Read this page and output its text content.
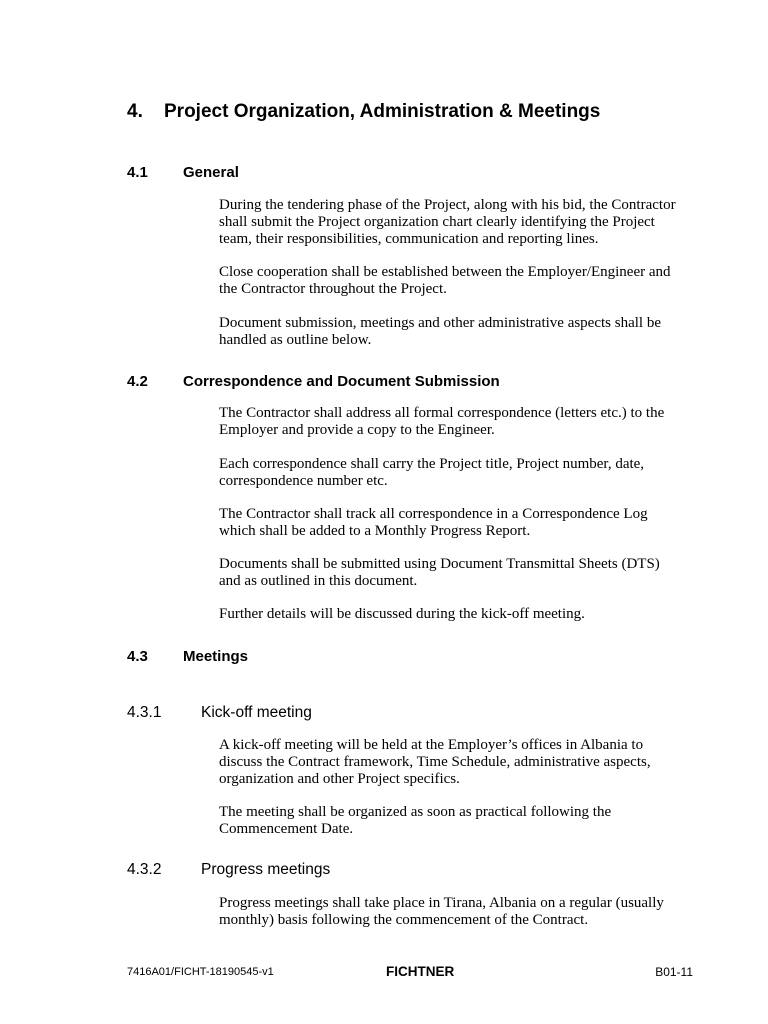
4. Project Organization, Administration & Meetings
4.1 General
During the tendering phase of the Project, along with his bid, the Contractor
shall submit the Project organization chart clearly identifying the Project
team, their responsibilities, communication and reporting lines.
Close cooperation shall be established between the Employer/Engineer and
the Contractor throughout the Project.
Document submission, meetings and other administrative aspects shall be
handled as outline below.
4.2 Correspondence and Document Submission
The Contractor shall address all formal correspondence (letters etc.) to the
Employer and provide a copy to the Engineer.
Each correspondence shall carry the Project title, Project number, date,
correspondence number etc.
The Contractor shall track all correspondence in a Correspondence Log
which shall be added to a Monthly Progress Report.
Documents shall be submitted using Document Transmittal Sheets (DTS)
and as outlined in this document.
Further details will be discussed during the kick-off meeting.
4.3 Meetings
4.3.1	Kick-off meeting
A kick-off meeting will be held at the Employer’s offices in Albania to
discuss the Contract framework, Time Schedule, administrative aspects,
organization and other Project specifics.
The meeting shall be organized as soon as practical following the
Commencement Date.
4.3.2	Progress meetings
Progress meetings shall take place in Tirana, Albania on a regular (usually
monthly) basis following the commencement of the Contract.
7416A01/FICHT-18190545-v1	FICHTNER	B01-11
